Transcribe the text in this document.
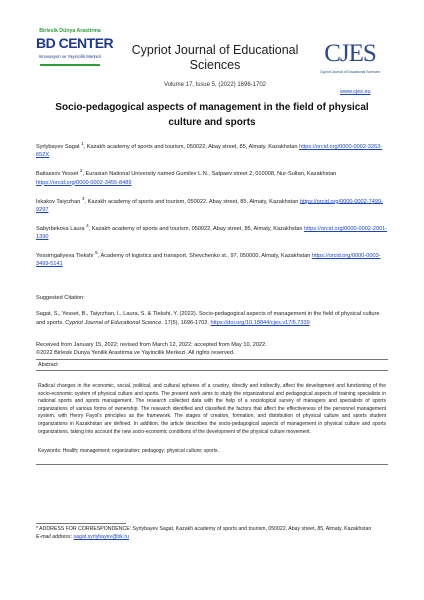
Birlesik Dünya Arastirma
BD CENTER
Innovasyon ve Yayincilik Merkezi	Cypriot Journal of Educational Sciences
Volume 17, Issue 5, (2022) 1696-1702
CJES
Cypriot Journal of Educational Sciences
www.cjes.eu
Socio-pedagogical aspects of management in the field of physical culture and sports
Syrlybayev Sagat $^1$, Kazakh academy of sports and tourism, 050022, Abay street, 85, Almaty, Kazakhstan https://orcid.org/0000-0002-3263-652X
Baitassov Yesset $^2$, Eurasian National University named Gumilev L.N., Satpaev street 2, 010008, Nur-Sultan, Kazakhstan https://orcid.org/0000-0002-3455-8489
Iskakov Taiyrzhan $^3$, Kazakh academy of sports and tourism, 050022, Abay street, 85, Almaty, Kazakhstan https://orcid.org/0000-0002-7499-9297
Sabyrbekova Laura $^4$, Kazakh academy of sports and tourism, 050022, Abay street, 85, Almaty, Kazakhstan https://orcid.org/0000-0002-2901-1390
Yessimgaliyeva Tlekshi $^5$, Academy of logistics and transport, Shevchenko st., 97, 050000, Almaty, Kazakhstan https://orcid.org/0000-0003-3499-5141
Suggested Citation:
Sagat, S., Yesset, B., Taiyrzhan, I., Laura, S. & Tlekshi, Y. (2022). Socio-pedagogical aspects of management in the field of physical culture and sports. Cypriot Journal of Educational Science. 17(5), 1696-1702. https://doi.org/10.18844/cjes.v17i5.7339
Received from January 15, 2022; revised from March 12, 2022; accepted from May 10, 2022.
©2022 Birlesik Dunya Yenilik Arastirma ve Yayincilik Merkezi. All rights reserved.
Abstract
Radical changes in the economic, social, political, and cultural spheres of a country, directly and indirectly, affect the development and functioning of the socio-economic system of physical culture and sports. The present work aims to study the organizational and pedagogical aspects of training specialists in national sports and sports management. The research collected data with the help of a sociological survey of managers and specialists of sports organizations of various forms of ownership. The research identified and classified the factors that affect the effectiveness of the personnel management system, with Henry Fayol's principles as the framework. The stages of creation, formation, and distribution of physical culture and sports student organizations in Kazakhstan are defined. In addition, the article describes the socio-pedagogical aspects of management in physical culture and sports organizations, taking into account the new socio-economic conditions of the development of the physical culture movement.
Keywords: Health; management; organization; pedagogy; physical culture; sports.
* ADDRESS FOR CORRESPONDENCE: Syrlybayev Sagat, Kazakh academy of sports and tourism, 050022, Abay street, 85, Almaty, Kazakhstan
E-mail address: sagat.syrlybayev@bk.ru
